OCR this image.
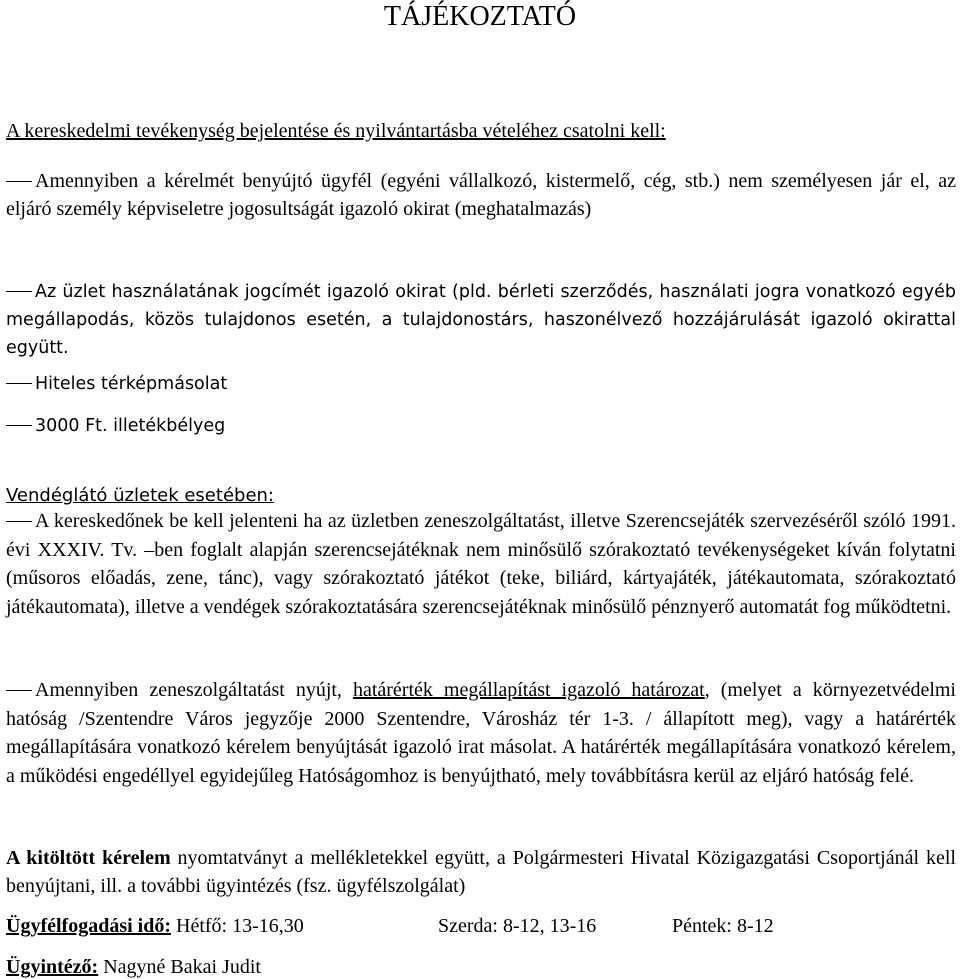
TÁJÉKOZTATÓ
A kereskedelmi tevékenység bejelentése és nyilvántartásba vételéhez csatolni kell:
Amennyiben a kérelmét benyújtó ügyfél (egyéni vállalkozó, kistermelő, cég, stb.) nem személyesen jár el, az eljáró személy képviseletre jogosultságát igazoló okirat (meghatalmazás)
Az üzlet használatának jogcímét igazoló okirat (pld. bérleti szerződés, használati jogra vonatkozó egyéb megállapodás, közös tulajdonos esetén, a tulajdonostárs, haszonélvező hozzájárulását igazoló okirattal együtt.
Hiteles térképmásolat
3000 Ft. illetékbélyeg
Vendéglátó üzletek esetében:
A kereskedőnek be kell jelenteni ha az üzletben zeneszolgáltatást, illetve Szerencsejáték szervezéséről szóló 1991. évi XXXIV. Tv. –ben foglalt alapján szerencsejátéknak nem minősülő szórakoztató tevékenységeket kíván folytatni (műsoros előadás, zene, tánc), vagy szórakoztató játékot (teke, biliárd, kártyajáték, játékautomata, szórakoztató játékautomata), illetve a vendégek szórakoztatására szerencsejátéknak minősülő pénznyerő automatát fog működtetni.
Amennyiben zeneszolgáltatást nyújt, határérték megállapítást igazoló határozat, (melyet a környezetvédelmi hatóság /Szentendre Város jegyzője 2000 Szentendre, Városház tér 1-3. / állapított meg), vagy a határérték megállapítására vonatkozó kérelem benyújtását igazoló irat másolat. A határérték megállapítására vonatkozó kérelem, a működési engedéllyel egyidejűleg Hatóságomhoz is benyújtható, mely továbbításra kerül az eljáró hatóság felé.
A kitöltött kérelem nyomtatványt a mellékletekkel együtt, a Polgármesteri Hivatal Közigazgatási Csoportjánál kell benyújtani, ill. a további ügyintézés (fsz. ügyfélszolgálat)
Ügyfélfogadási idő: Hétfő: 13-16,30	Szerda: 8-12, 13-16	Péntek: 8-12
Ügyintéző: Nagyné Bakai Judit
